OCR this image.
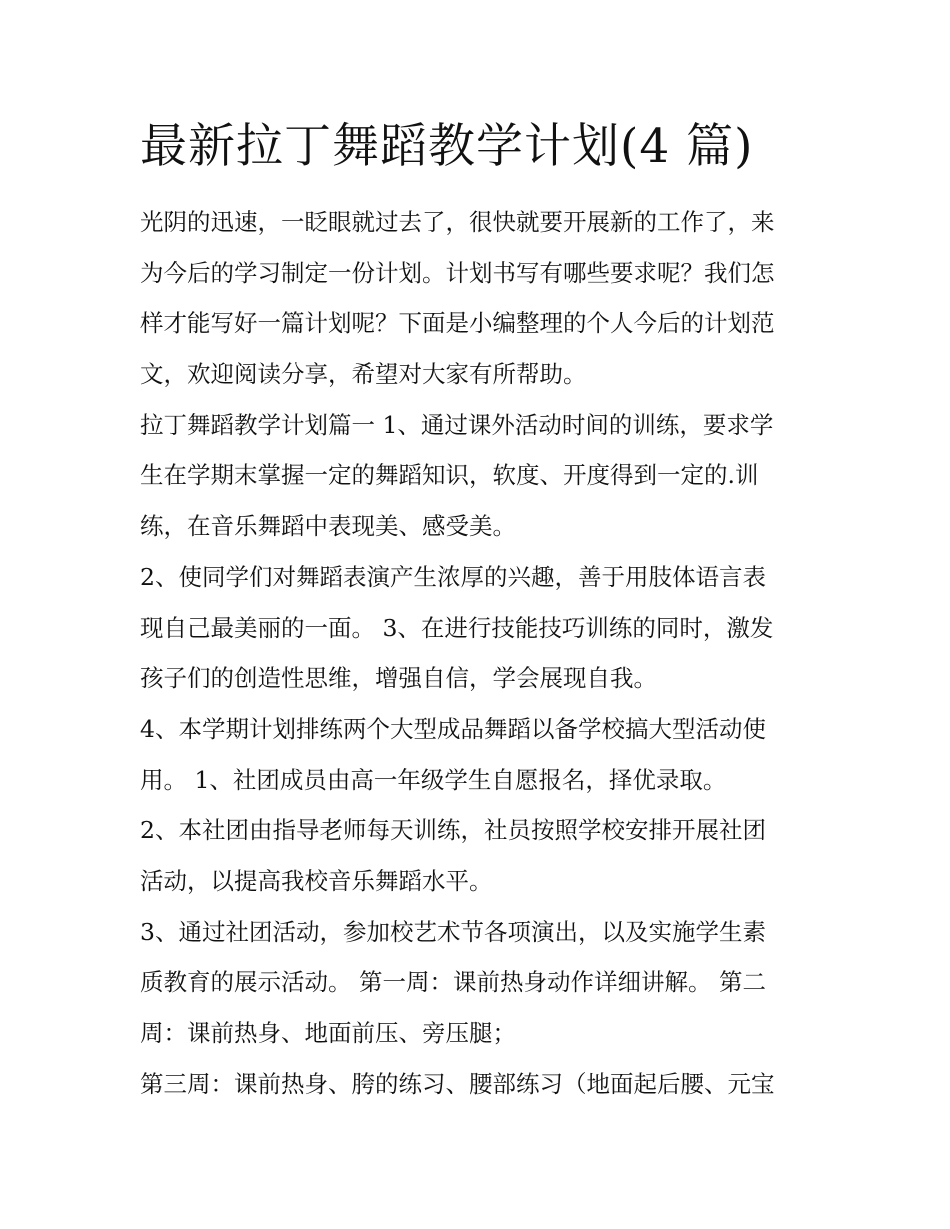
最新拉丁舞蹈教学计划(4 篇)
光阴的迅速，一眨眼就过去了，很快就要开展新的工作了，来
为今后的学习制定一份计划。计划书写有哪些要求呢？我们怎
样才能写好一篇计划呢？下面是小编整理的个人今后的计划范
文，欢迎阅读分享，希望对大家有所帮助。
拉丁舞蹈教学计划篇一 1、通过课外活动时间的训练，要求学
生在学期末掌握一定的舞蹈知识，软度、开度得到一定的.训
练，在音乐舞蹈中表现美、感受美。
2、使同学们对舞蹈表演产生浓厚的兴趣，善于用肢体语言表
现自己最美丽的一面。 3、在进行技能技巧训练的同时，激发
孩子们的创造性思维，增强自信，学会展现自我。
4、本学期计划排练两个大型成品舞蹈以备学校搞大型活动使
用。 1、社团成员由高一年级学生自愿报名，择优录取。
2、本社团由指导老师每天训练，社员按照学校安排开展社团
活动，以提高我校音乐舞蹈水平。
3、通过社团活动，参加校艺术节各项演出，以及实施学生素
质教育的展示活动。 第一周：课前热身动作详细讲解。 第二
周：课前热身、地面前压、旁压腿；
第三周：课前热身、胯的练习、腰部练习（地面起后腰、元宝
